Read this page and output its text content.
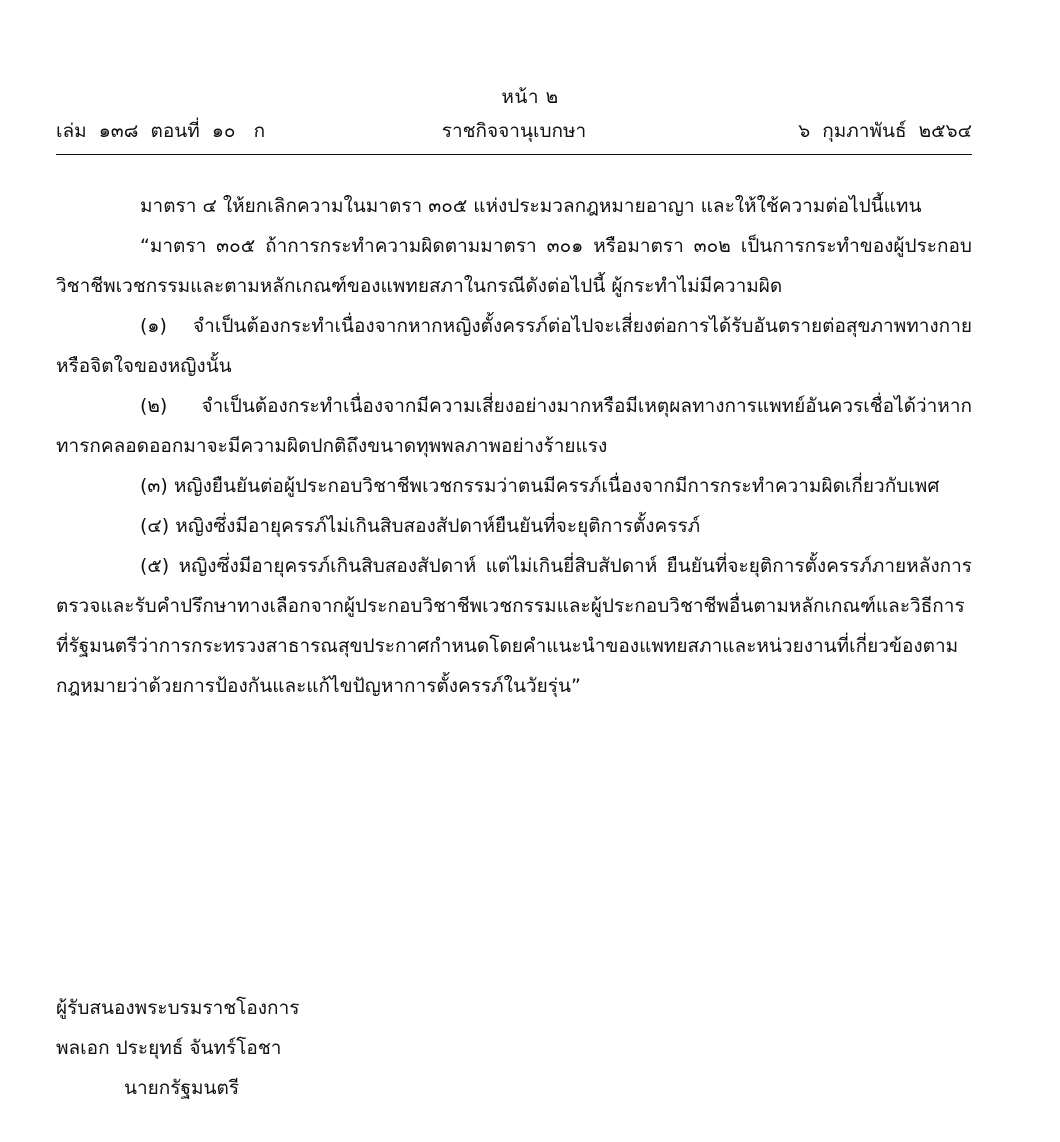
หน้า ๒
เล่ม  ๑๓๘  ตอนที่  ๑๐   ก	ราชกิจจานุเบกษา	๖  กุมภาพันธ์  ๒๕๖๔

มาตรา ๔ ให้ยกเลิกความในมาตรา ๓๐๕ แห่งประมวลกฎหมายอาญา และให้ใช้ความต่อไปนี้แทน

“มาตรา ๓๐๕ ถ้าการกระทำความผิดตามมาตรา ๓๐๑ หรือมาตรา ๓๐๒ เป็นการกระทำของผู้ประกอบวิชาชีพเวชกรรมและตามหลักเกณฑ์ของแพทยสภาในกรณีดังต่อไปนี้ ผู้กระทำไม่มีความผิด

(๑) จำเป็นต้องกระทำเนื่องจากหากหญิงตั้งครรภ์ต่อไปจะเสี่ยงต่อการได้รับอันตรายต่อสุขภาพทางกายหรือจิตใจของหญิงนั้น

(๒) จำเป็นต้องกระทำเนื่องจากมีความเสี่ยงอย่างมากหรือมีเหตุผลทางการแพทย์อันควรเชื่อได้ว่าหากทารกคลอดออกมาจะมีความผิดปกติถึงขนาดทุพพลภาพอย่างร้ายแรง

(๓) หญิงยืนยันต่อผู้ประกอบวิชาชีพเวชกรรมว่าตนมีครรภ์เนื่องจากมีการกระทำความผิดเกี่ยวกับเพศ

(๔) หญิงซึ่งมีอายุครรภ์ไม่เกินสิบสองสัปดาห์ยืนยันที่จะยุติการตั้งครรภ์

(๕) หญิงซึ่งมีอายุครรภ์เกินสิบสองสัปดาห์ แต่ไม่เกินยี่สิบสัปดาห์ ยืนยันที่จะยุติการตั้งครรภ์ภายหลังการตรวจและรับคำปรึกษาทางเลือกจากผู้ประกอบวิชาชีพเวชกรรมและผู้ประกอบวิชาชีพอื่นตามหลักเกณฑ์และวิธีการที่รัฐมนตรีว่าการกระทรวงสาธารณสุขประกาศกำหนดโดยคำแนะนำของแพทยสภาและหน่วยงานที่เกี่ยวข้องตามกฎหมายว่าด้วยการป้องกันและแก้ไขปัญหาการตั้งครรภ์ในวัยรุ่น”

ผู้รับสนองพระบรมราชโองการ

พลเอก ประยุทธ์ จันทร์โอชา

นายกรัฐมนตรี
